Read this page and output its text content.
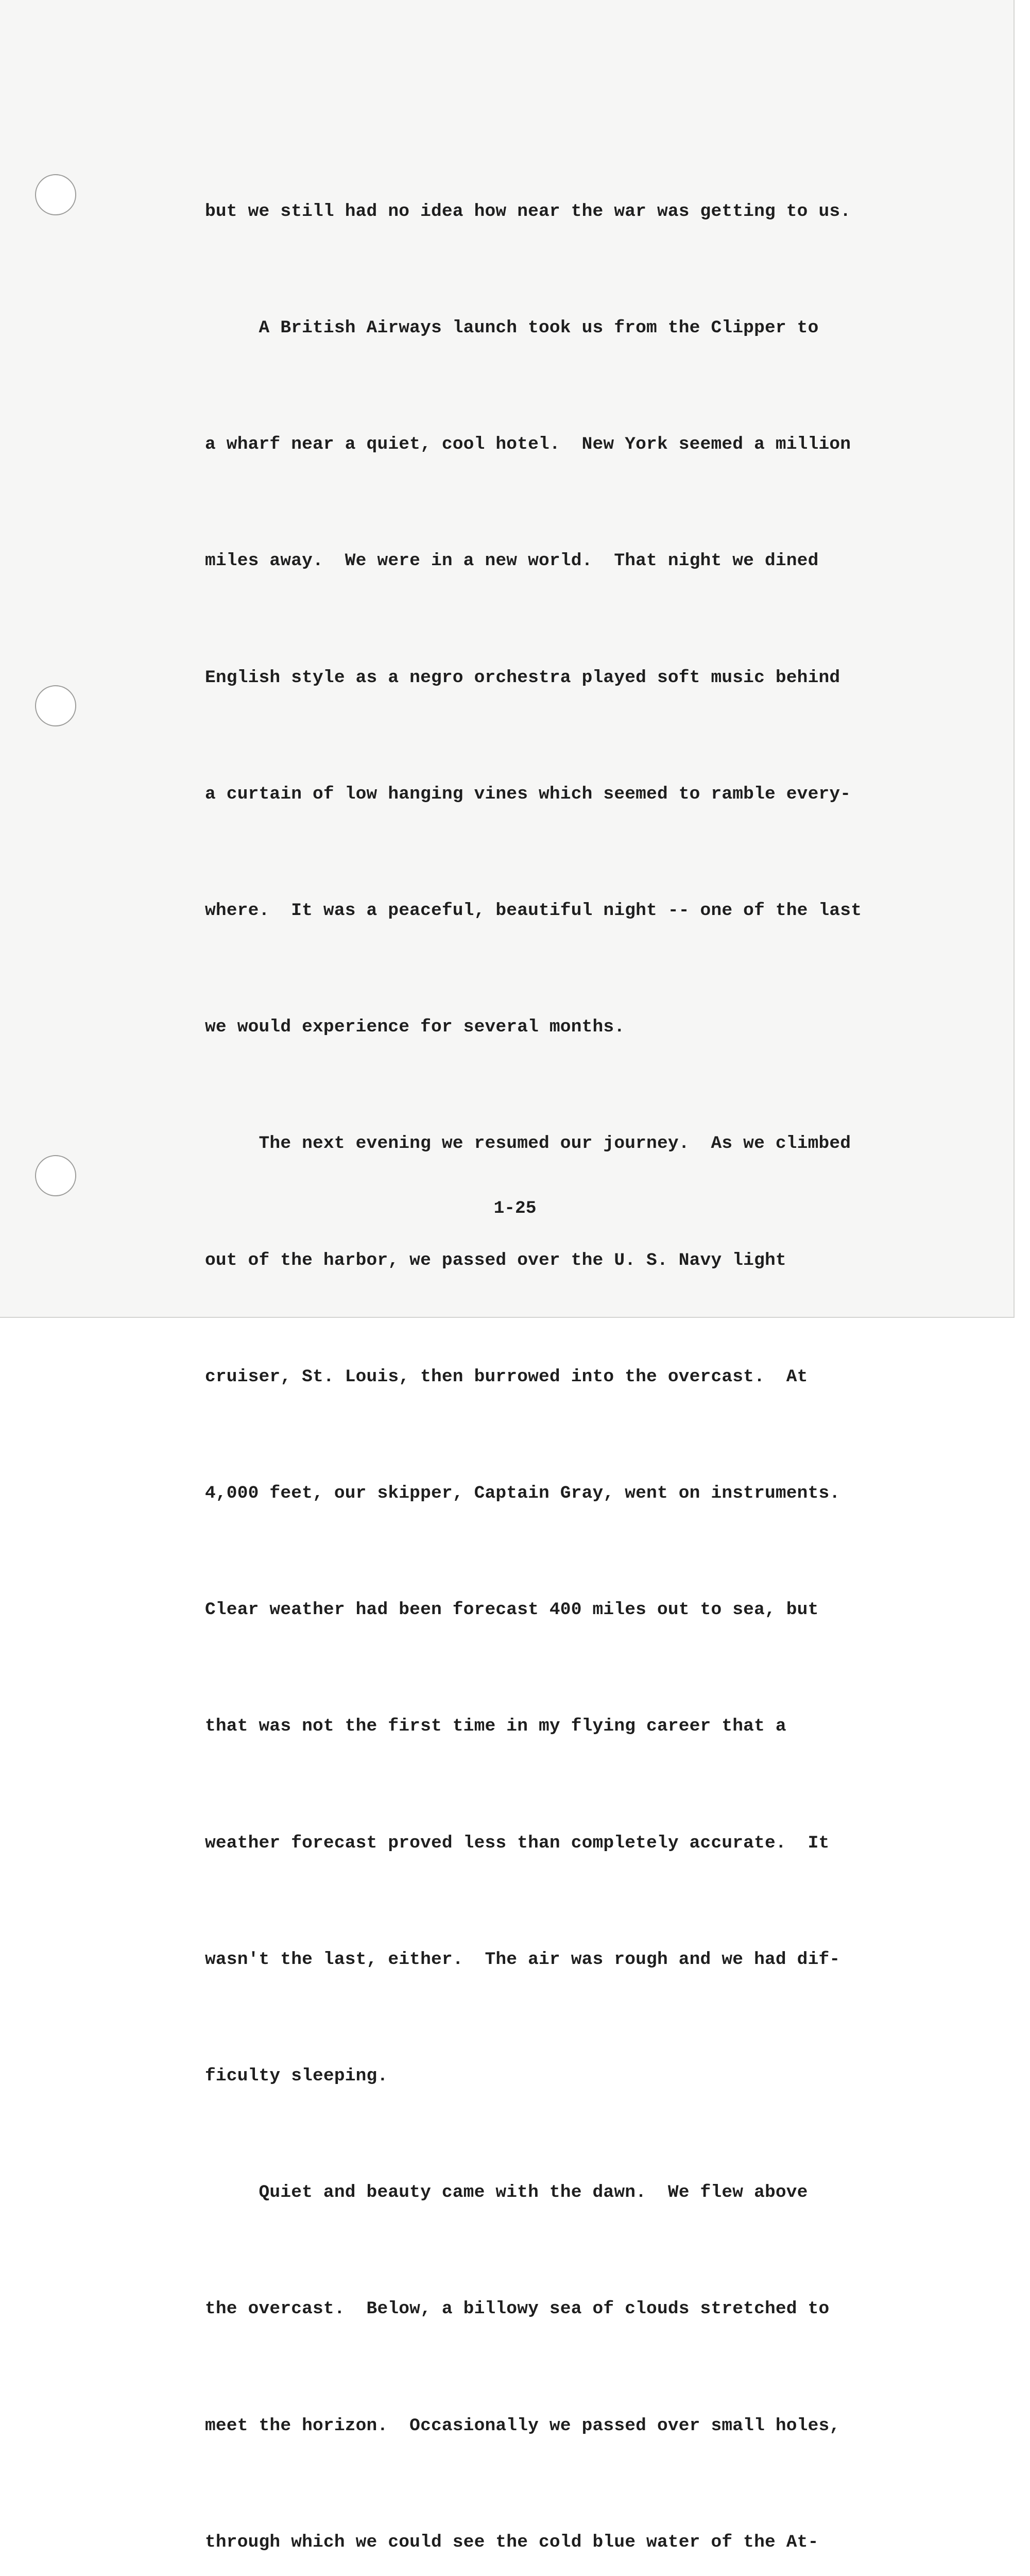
but we still had no idea how near the war was getting to us.

A British Airways launch took us from the Clipper to

a wharf near a quiet, cool hotel.  New York seemed a million

miles away.  We were in a new world.  That night we dined

English style as a negro orchestra played soft music behind

a curtain of low hanging vines which seemed to ramble every-

where.  It was a peaceful, beautiful night -- one of the last

we would experience for several months.

The next evening we resumed our journey.  As we climbed

out of the harbor, we passed over the U. S. Navy light

cruiser, St. Louis, then burrowed into the overcast.  At

4,000 feet, our skipper, Captain Gray, went on instruments.

Clear weather had been forecast 400 miles out to sea, but

that was not the first time in my flying career that a

weather forecast proved less than completely accurate.  It

wasn't the last, either.  The air was rough and we had dif-

ficulty sleeping.

Quiet and beauty came with the dawn.  We flew above

the overcast.  Below, a billowy sea of clouds stretched to

meet the horizon.  Occasionally we passed over small holes,

through which we could see the cold blue water of the At-

1-25
